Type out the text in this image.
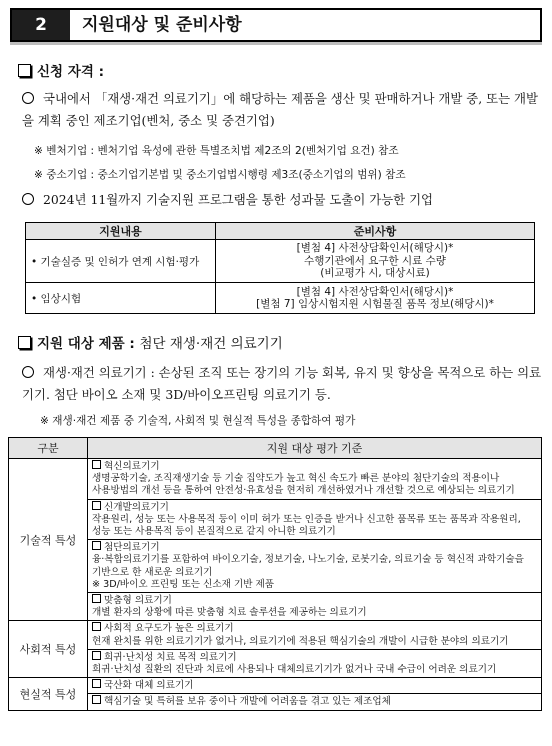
2	지원대상 및 준비사항
신청 자격 :
국내에서 「재생·재건 의료기기」에 해당하는 제품을 생산 및 판매하거나 개발 중, 또는 개발을 계획 중인 제조기업(벤처, 중소 및 중견기업)
※ 벤처기업 : 벤처기업 육성에 관한 특별조치법 제2조의 2(벤처기업 요건) 참조
※ 중소기업 : 중소기업기본법 및 중소기업법시행령 제3조(중소기업의 범위) 참조
2024년 11월까지 기술지원 프로그램을 통한 성과물 도출이 가능한 기업
지원내용	준비사항
• 기술실증 및 인허가 연계 시험·평가	[별첨 4] 사전상담확인서(해당시)*
수행기관에서 요구한 시료 수량
(비교평가 시, 대상시료)

• 임상시험	[별첨 4] 사전상담확인서(해당시)*
[별첨 7] 임상시험지원 시험물질 품목 정보(해당시)*
지원 대상 제품 : 첨단 재생·재건 의료기기
재생·재건 의료기기 : 손상된 조직 또는 장기의 기능 회복, 유지 및 향상을 목적으로 하는 의료기기. 첨단 바이오 소재 및 3D/바이오프린팅 의료기기 등.
※ 재생·재건 제품 중 기술적, 사회적 및 현실적 특성을 종합하여 평가
구분	지원 대상 평가 기준
기술적 특성	혁신의료기기
생명공학기술, 조직재생기술 등 기술 집약도가 높고 혁신 속도가 빠른 분야의 첨단기술의 적용이나
사용방법의 개선 등을 통하여 안전성·유효성을 현저히 개선하였거나 개선할 것으로 예상되는 의료기기

	신개발의료기기
작용원리, 성능 또는 사용목적 등이 이미 허가 또는 인증을 받거나 신고한 품목류 또는 품목과 작용원리,
성능 또는 사용목적 등이 본질적으로 같지 아니한 의료기기

	첨단의료기기
융·복합의료기기를 포함하여 바이오기술, 정보기술, 나노기술, 로봇기술, 의료기술 등 혁신적 과학기술을
기반으로 한 새로운 의료기기
※ 3D/바이오 프린팅 또는 신소재 기반 제품

	맞춤형 의료기기
개별 환자의 상황에 따른 맞춤형 치료 솔루션을 제공하는 의료기기

사회적 특성	사회적 요구도가 높은 의료기기
현재 완치를 위한 의료기기가 없거나, 의료기기에 적용된 핵심기술의 개발이 시급한 분야의 의료기기

	희귀·난치성 치료 목적 의료기기
희귀·난치성 질환의 진단과 치료에 사용되나 대체의료기기가 없거나 국내 수급이 어려운 의료기기

현실적 특성	국산화 대체 의료기기

	핵심기술 및 특허를 보유 중이나 개발에 어려움을 겪고 있는 제조업체
